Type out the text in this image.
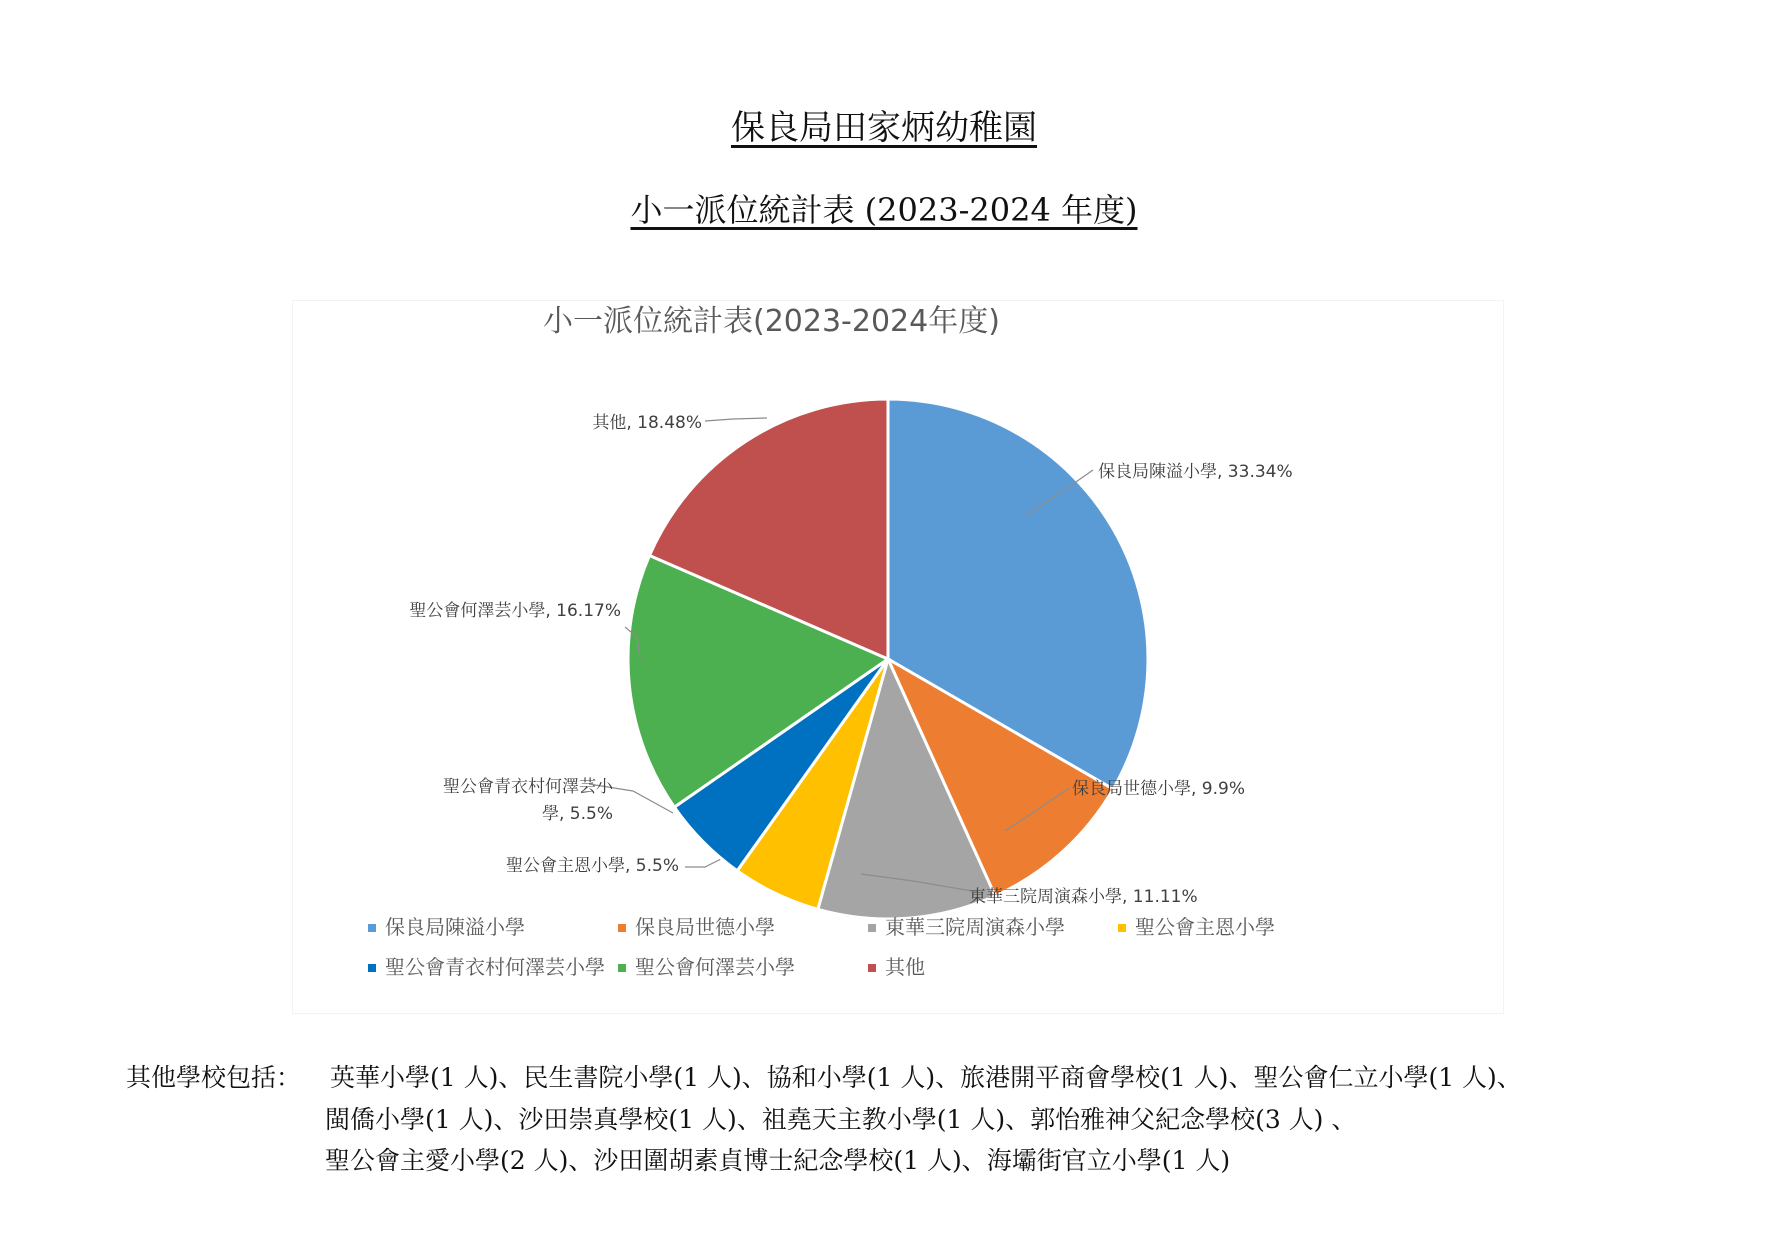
保良局田家炳幼稚園
小一派位統計表 (2023-2024 年度)
小一派位統計表(2023-2024年度)
保良局陳溢小學, 33.34%
保良局世德小學, 9.9%
東華三院周演森小學, 11.11%
聖公會主恩小學, 5.5%
聖公會青衣村何澤芸小學, 5.5%
聖公會何澤芸小學, 16.17%
其他, 18.48%
保良局陳溢小學	保良局世德小學	東華三院周演森小學	聖公會主恩小學
聖公會青衣村何澤芸小學 聖公會何澤芸小學	其他
其他學校包括： 英華小學(1 人)、民生書院小學(1 人)、協和小學(1 人)、旅港開平商會學校(1 人)、聖公會仁立小學(1 人)、
閩僑小學(1 人)、沙田崇真學校(1 人)、祖堯天主教小學(1 人)、郭怡雅神父紀念學校(3 人) 、
聖公會主愛小學(2 人)、沙田圍胡素貞博士紀念學校(1 人)、海壩街官立小學(1 人)
